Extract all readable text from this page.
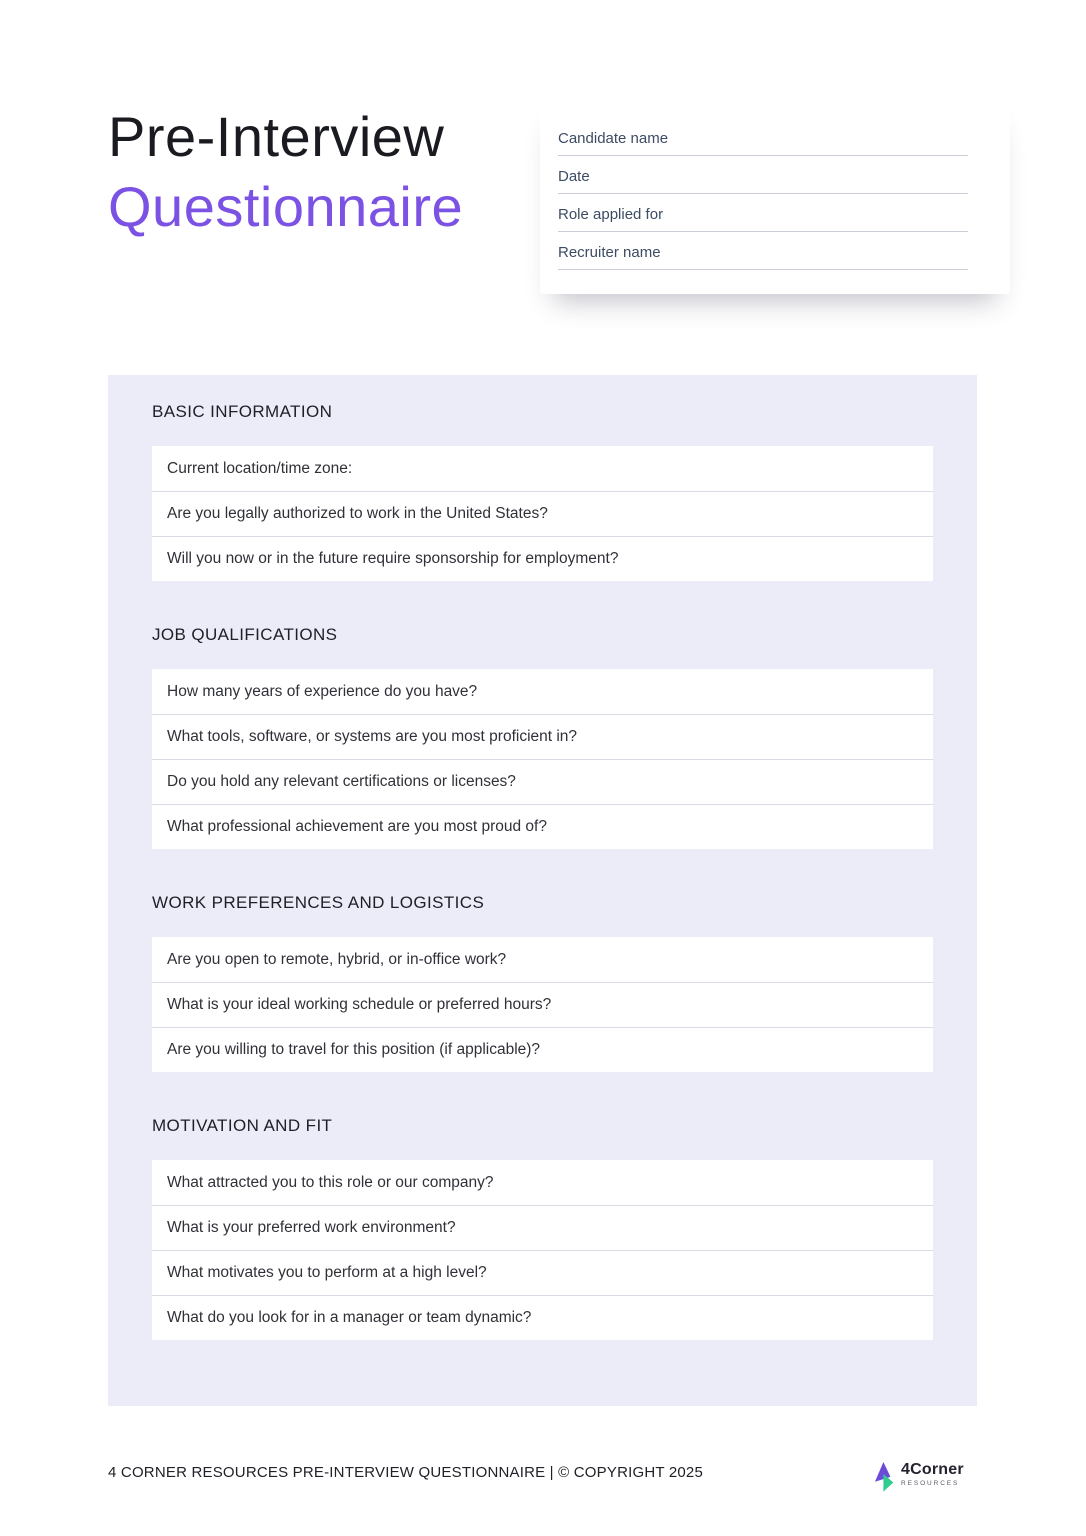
Pre-Interview
Questionnaire
Candidate name
Date
Role applied for
Recruiter name
BASIC INFORMATION
Current location/time zone:
Are you legally authorized to work in the United States?
Will you now or in the future require sponsorship for employment?
JOB QUALIFICATIONS
How many years of experience do you have?
What tools, software, or systems are you most proficient in?
Do you hold any relevant certifications or licenses?
What professional achievement are you most proud of?
WORK PREFERENCES AND LOGISTICS
Are you open to remote, hybrid, or in-office work?
What is your ideal working schedule or preferred hours?
Are you willing to travel for this position (if applicable)?
MOTIVATION AND FIT
What attracted you to this role or our company?
What is your preferred work environment?
What motivates you to perform at a high level?
What do you look for in a manager or team dynamic?
4 CORNER RESOURCES PRE-INTERVIEW QUESTIONNAIRE | © COPYRIGHT 2025	4Corner
RESOURCES
